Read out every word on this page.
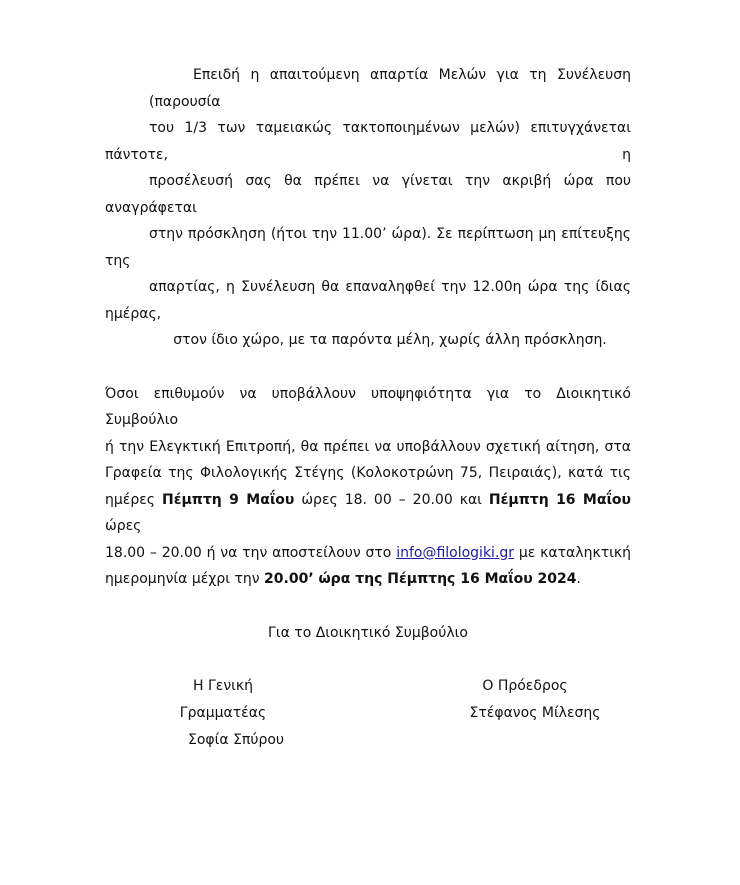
Επειδή η απαιτούμενη απαρτία Μελών για τη Συνέλευση (παρουσία
του 1/3 των ταμειακώς τακτοποιημένων μελών) επιτυγχάνεται πάντοτε, η
προσέλευσή σας θα πρέπει να γίνεται την ακριβή ώρα που αναγράφεται
στην πρόσκληση (ήτοι την 11.00’ ώρα). Σε περίπτωση μη επίτευξης της
απαρτίας, η Συνέλευση θα επαναληφθεί την 12.00η ώρα της ίδιας ημέρας,
στον ίδιο χώρο, με τα παρόντα μέλη, χωρίς άλλη πρόσκληση.

Όσοι επιθυμούν να υποβάλλουν υποψηφιότητα για το Διοικητικό Συμβούλιο
ή την Ελεγκτική Επιτροπή, θα πρέπει να υποβάλλουν σχετική αίτηση, στα
Γραφεία της Φιλολογικής Στέγης (Κολοκοτρώνη 75, Πειραιάς), κατά τις
ημέρες Πέμπτη 9 Μαΐου ώρες 18. 00 – 20.00 και Πέμπτη 16 Μαΐου ώρες
18.00 – 20.00 ή να την αποστείλουν στο info@filologiki.gr με καταληκτική
ημερομηνία μέχρι την 20.00’ ώρα της Πέμπτης 16 Μαΐου 2024.

Για το Διοικητικό Συμβούλιο
Η Γενική Γραμματέας
Σοφία Σπύρου
Ο Πρόεδρος
Στέφανος Μίλεσης
